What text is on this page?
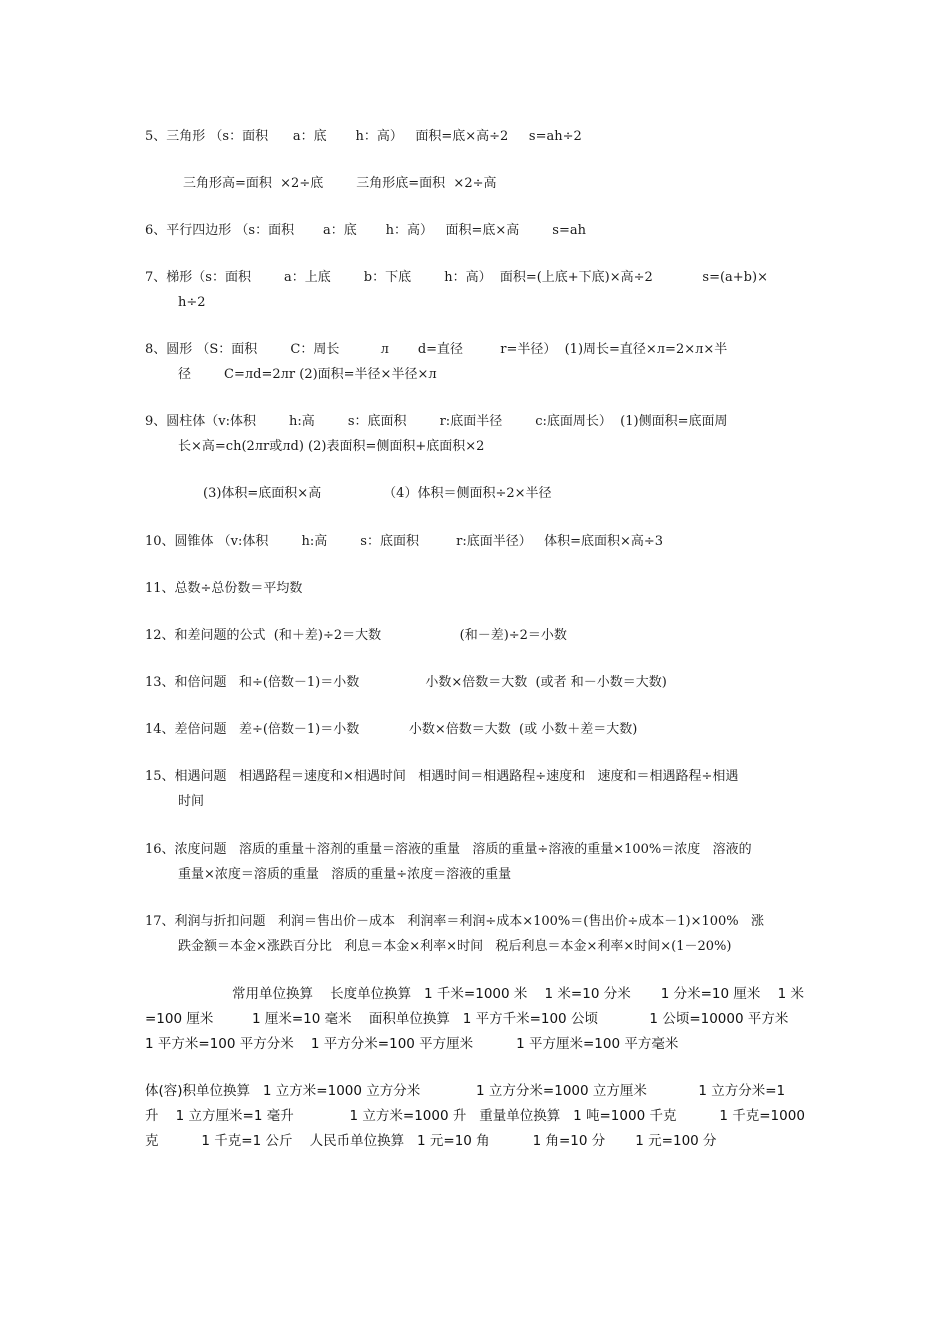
5、三角形 （s：面积      a：底       h：高）   面积=底×高÷2     s=ah÷2
三角形高=面积  ×2÷底        三角形底=面积  ×2÷高
6、平行四边形 （s：面积       a：底       h：高）   面积=底×高        s=ah
7、梯形（s：面积        a：上底        b：下底        h：高）  面积=(上底+下底)×高÷2            s=(a+b)×
h÷2
8、圆形 （S：面积        C：周长          л       d=直径         r=半径）  (1)周长=直径×л=2×л×半
径        C=лd=2лr (2)面积=半径×半径×л
9、圆柱体（v:体积        h:高        s：底面积        r:底面半径        c:底面周长）  (1)侧面积=底面周
长×高=ch(2лr或лd) (2)表面积=侧面积+底面积×2
(3)体积=底面积×高               （4）体积＝侧面积÷2×半径
10、圆锥体 （v:体积        h:高        s：底面积         r:底面半径）   体积=底面积×高÷3
11、总数÷总份数＝平均数
12、和差问题的公式  (和＋差)÷2＝大数                   (和－差)÷2＝小数
13、和倍问题   和÷(倍数－1)＝小数                小数×倍数＝大数  (或者 和－小数＝大数)
14、差倍问题   差÷(倍数－1)＝小数            小数×倍数＝大数  (或 小数＋差＝大数)
15、相遇问题   相遇路程＝速度和×相遇时间   相遇时间＝相遇路程÷速度和   速度和＝相遇路程÷相遇
时间
16、浓度问题   溶质的重量＋溶剂的重量＝溶液的重量   溶质的重量÷溶液的重量×100%＝浓度   溶液的
重量×浓度＝溶质的重量   溶质的重量÷浓度＝溶液的重量
17、利润与折扣问题   利润＝售出价－成本   利润率＝利润÷成本×100%＝(售出价÷成本－1)×100%   涨
跌金额＝本金×涨跌百分比   利息＝本金×利率×时间   税后利息＝本金×利率×时间×(1－20%)
常用单位换算    长度单位换算   1 千米=1000 米    1 米=10 分米       1 分米=10 厘米    1 米
=100 厘米         1 厘米=10 毫米    面积单位换算   1 平方千米=100 公顷            1 公顷=10000 平方米
1 平方米=100 平方分米    1 平方分米=100 平方厘米          1 平方厘米=100 平方毫米
体(容)积单位换算   1 立方米=1000 立方分米             1 立方分米=1000 立方厘米            1 立方分米=1
升    1 立方厘米=1 毫升             1 立方米=1000 升   重量单位换算   1 吨=1000 千克          1 千克=1000
克          1 千克=1 公斤    人民币单位换算   1 元=10 角          1 角=10 分       1 元=100 分
